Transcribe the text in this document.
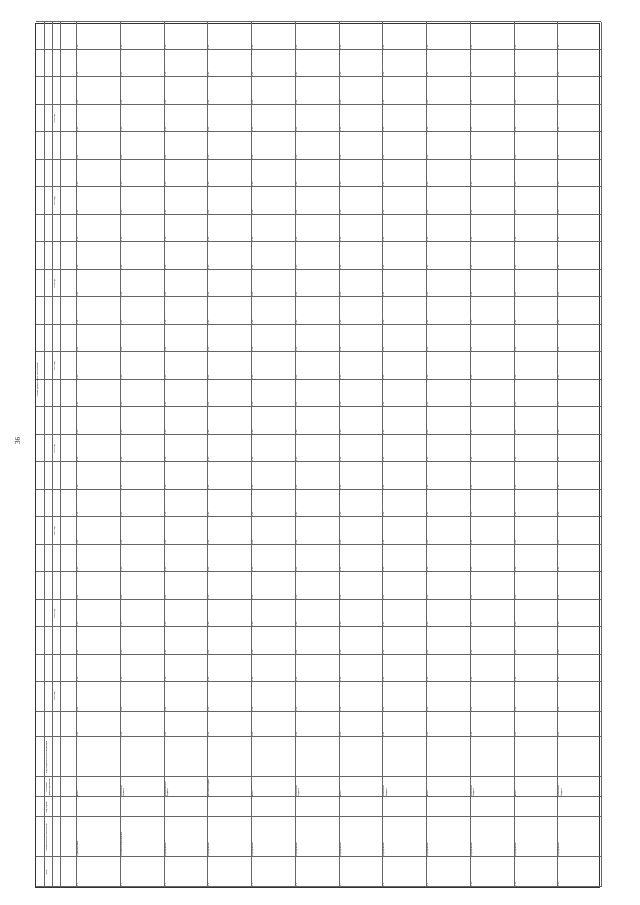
36
№ пп
Наименование показателя
Код строки
Источник финансирования
Код бюджетной классификации
Объем финансового обеспечения
2019 год
2020 год
2021 год
2022 год
2023 год
2024 год
2025 год
2026 год
1.1
Подпрограмма
всего
0.00
0.00
0.00
0.00
0.00
0.00
0.00
0.00
0.00
0.00
0.00
0.00
0.00
0.00
0.00
0.00
0.00
0.00
0.00
0.00
0.00
0.00
0.00
0.00
0.00
0.00
1.2
Основное мероприятие
областной бюджет
0.00
0.00
0.00
0.00
0.00
0.00
0.00
0.00
0.00
0.00
0.00
0.00
0.00
0.00
0.00
0.00
0.00
0.00
0.00
0.00
0.00
0.00
0.00
0.00
0.00
0.00
1.3
Мероприятие
федеральный бюджет
0.00
0.00
0.00
0.00
0.00
0.00
0.00
0.00
0.00
0.00
0.00
0.00
0.00
0.00
0.00
0.00
0.00
0.00
0.00
0.00
0.00
0.00
0.00
0.00
0.00
0.00
1.4
Мероприятие
местный бюджет
0.00
0.00
0.00
0.00
0.00
0.00
0.00
0.00
0.00
0.00
0.00
0.00
0.00
0.00
0.00
0.00
0.00
0.00
0.00
0.00
0.00
0.00
0.00
0.00
0.00
0.00
1.5
Мероприятие
всего
0.00
0.00
0.00
0.00
0.00
0.00
0.00
0.00
0.00
0.00
0.00
0.00
0.00
0.00
0.00
0.00
0.00
0.00
0.00
0.00
0.00
0.00
0.00
0.00
0.00
0.00
1.6
Мероприятие
областной бюджет
0.00
0.00
0.00
0.00
0.00
0.00
0.00
0.00
0.00
0.00
0.00
0.00
0.00
0.00
0.00
0.00
0.00
0.00
0.00
0.00
0.00
0.00
0.00
0.00
0.00
0.00
1.7
Мероприятие
всего
0.00
0.00
0.00
0.00
0.00
0.00
0.00
0.00
0.00
0.00
0.00
0.00
0.00
0.00
0.00
0.00
0.00
0.00
0.00
0.00
0.00
0.00
0.00
0.00
0.00
0.00
1.8
Мероприятие
областной бюджет
0.00
0.00
0.00
0.00
0.00
0.00
0.00
0.00
0.00
0.00
0.00
0.00
0.00
0.00
0.00
0.00
0.00
0.00
0.00
0.00
0.00
0.00
0.00
0.00
0.00
0.00
1.9
Мероприятие
всего
0.00
0.00
0.00
0.00
0.00
0.00
0.00
0.00
0.00
0.00
0.00
0.00
0.00
0.00
0.00
0.00
0.00
0.00
0.00
0.00
0.00
0.00
0.00
0.00
0.00
0.00
1.10
Мероприятие
областной бюджет
0.00
0.00
0.00
0.00
0.00
0.00
0.00
0.00
0.00
0.00
0.00
0.00
0.00
0.00
0.00
0.00
0.00
0.00
0.00
0.00
0.00
0.00
0.00
0.00
0.00
0.00
1.11
Мероприятие
всего
0.00
0.00
0.00
0.00
0.00
0.00
0.00
0.00
0.00
0.00
0.00
0.00
0.00
0.00
0.00
0.00
0.00
0.00
0.00
0.00
0.00
0.00
0.00
0.00
0.00
0.00
1.12
Мероприятие
областной бюджет
0.00
0.00
0.00
0.00
0.00
0.00
0.00
0.00
0.00
0.00
0.00
0.00
0.00
0.00
0.00
0.00
0.00
0.00
0.00
0.00
0.00
0.00
0.00
0.00
0.00
0.00
